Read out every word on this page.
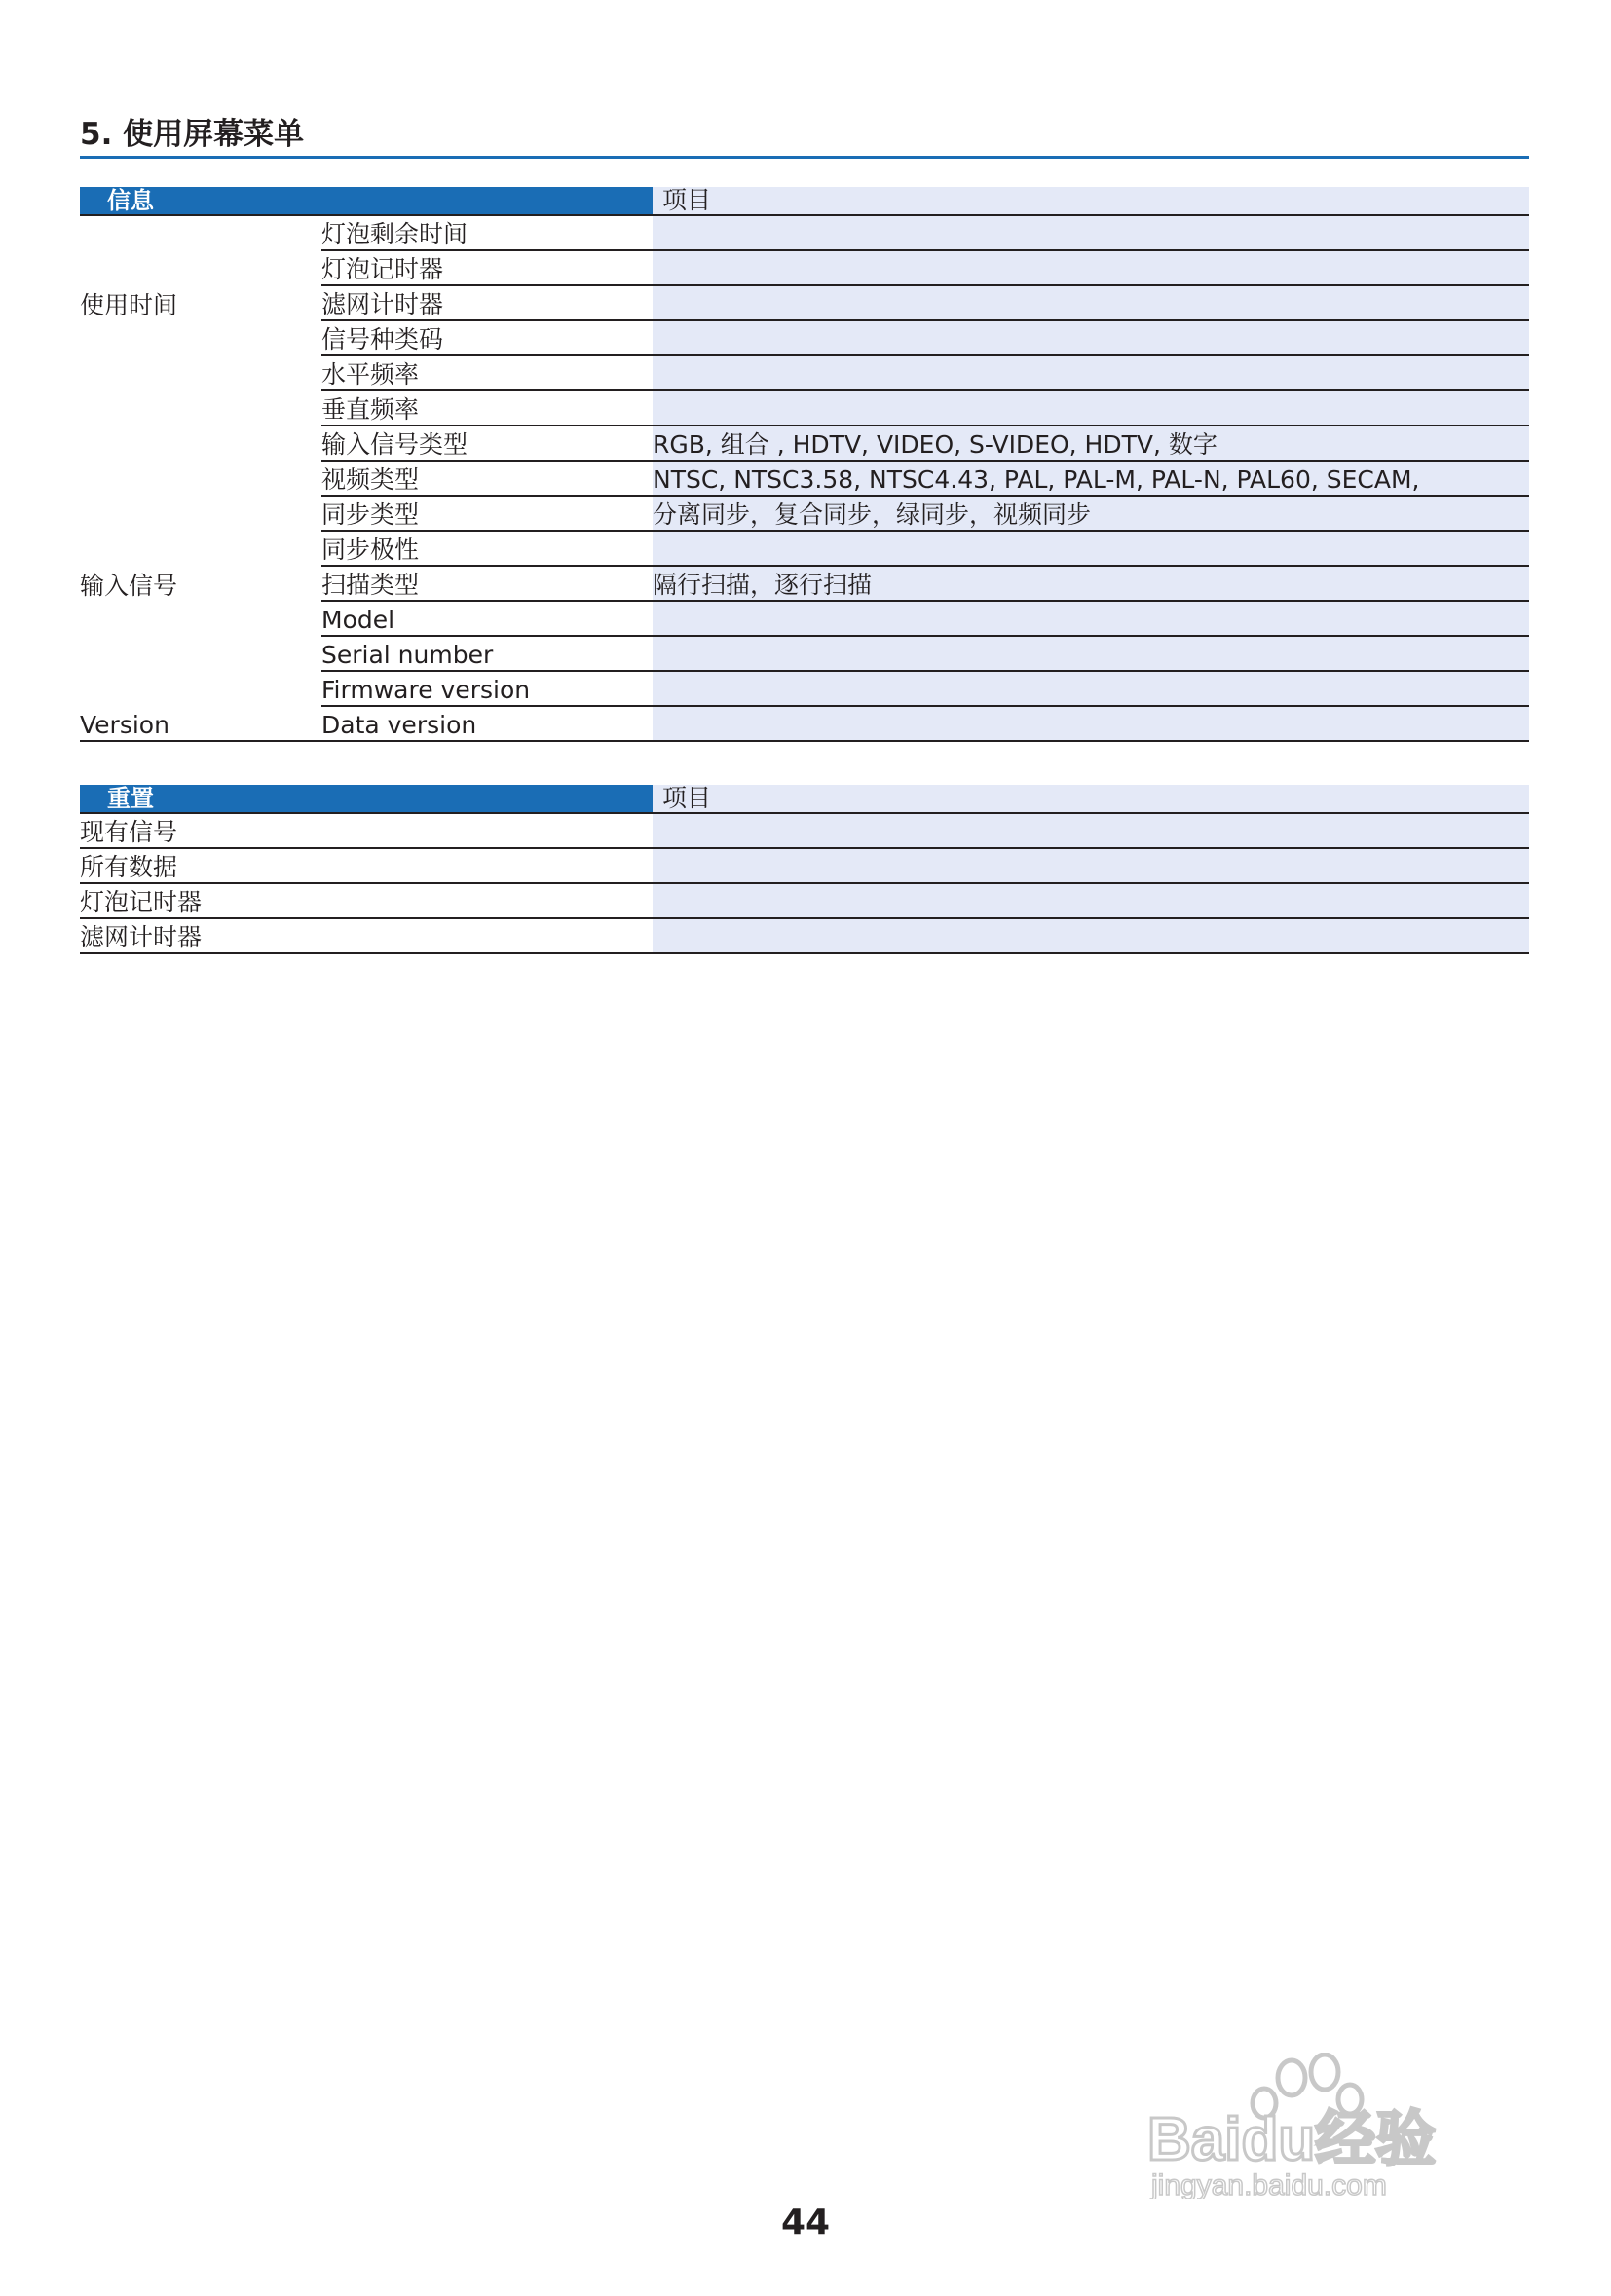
5. 使用屏幕菜单
信息		项目
使用时间	灯泡剩余时间	
	灯泡记时器	
	滤网计时器	
输入信号	信号种类码	
	水平频率	
	垂直频率	
	输入信号类型	RGB, 组合 , HDTV, VIDEO, S-VIDEO, HDTV, 数字
	视频类型	NTSC, NTSC3.58, NTSC4.43, PAL, PAL-M, PAL-N, PAL60, SECAM,
	同步类型	分离同步，复合同步，绿同步，视频同步
	同步极性	
	扫描类型	隔行扫描，逐行扫描
Version	Model	
	Serial number	
	Firmware version	
	Data version	
重置	项目
现有信号	
所有数据	
灯泡记时器	
滤网计时器	
Baidu经验
jingyan.baidu.com
44
